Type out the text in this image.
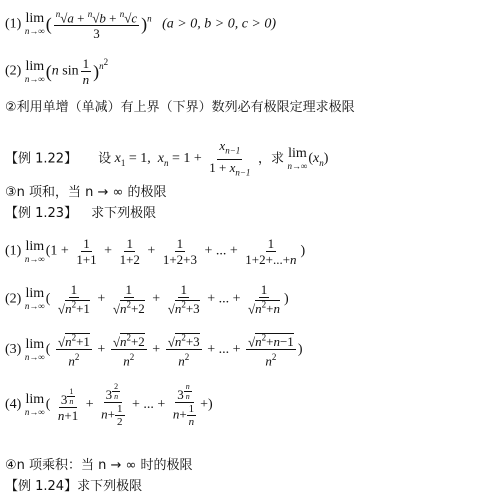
(1) lim
n→∞ ( $\frac{^n√a + ^n√b + ^n√c}{3} )^n$ (a > 0, b > 0, c > 0)
(2) lim
n→∞ (n $\sin \frac{1}{n} )^{n^2}$
②利用单增（单减）有上界（下界）数列必有极限定理求极限
【例 1.22】 设 $x_1 = 1$,  $x_n = 1 + \frac{x_{n-1}}{1 + x_{n-1}}$ ，求 lim
n→∞ $(x_n)$
③n 项和，当 n → ∞ 的极限
【例 1.23】 求下列极限
(1) lim
n→∞ ($1 + \frac{1}{1+1} + \frac{1}{1+2} + \frac{1}{1+2+3}$ + ... + $\frac{1}{1+2+...+n}$ )
(2) lim
n→∞ ( $\frac{1}{√n^2+1} + \frac{1}{√n^2+2} + \frac{1}{√n^2+3}$ + ... + $\frac{1}{√n^2+n}$ )
(3) lim
n→∞ ( $\frac{√n^2+1}{n^2} + \frac{√n^2+2}{n^2} + \frac{√n^2+3}{n^2}$ + ... + $\frac{√n^2+n-1}{n^2}$ )
(4) lim
n→∞ ( 3 $^{\frac{1}{n}}$
n+1 + 3 $^{\frac{2}{n}}$
$n+ \frac{1}{2}$ + ... + 3 $^{\frac{n}{n}}$
$n+ \frac{1}{n}$ +)
④n 项乘积：当 n → ∞ 时的极限
【例 1.24】求下列极限
